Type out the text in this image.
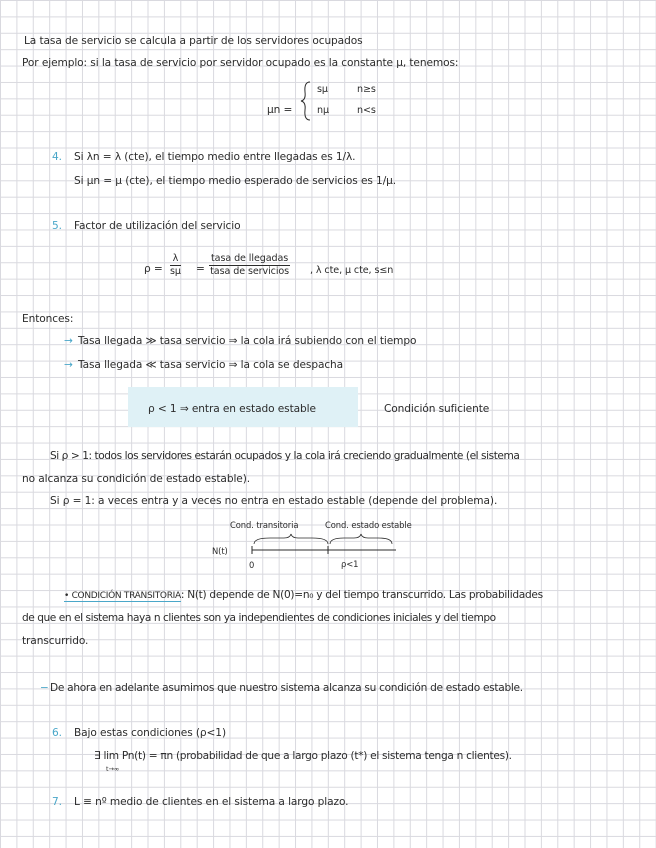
La tasa de servicio se calcula a partir de los servidores ocupados
Por ejemplo: si la tasa de servicio por servidor ocupado es la constante μ, tenemos:
μn =
sμ	n≥s
nμ	n<s
4. Si λn = λ (cte), el tiempo medio entre llegadas es 1/λ.
Si μn = μ (cte), el tiempo medio esperado de servicios es 1/μ.
5. Factor de utilización del servicio
$\rho = \frac{\lambda}{s\mu}$ =
tasa de llegadas
tasa de servicios , λ cte, μ cte, s≤n
Entonces:
→ Tasa llegada ≫ tasa servicio ⇒ la cola irá subiendo con el tiempo
→ Tasa llegada ≪ tasa servicio ⇒ la cola se despacha
ρ < 1 ⇒ entra en estado estable	Condición suficiente
Si ρ > 1: todos los servidores estarán ocupados y la cola irá creciendo gradualmente (el sistema
no alcanza su condición de estado estable).
Si ρ = 1: a veces entra y a veces no entra en estado estable (depende del problema).
Cond. transitoria	Cond. estado estable
N(t)
0	ρ<1
• CONDICIÓN TRANSITORIA: N(t) depende de N(0)=n₀ y del tiempo transcurrido. Las probabilidades
de que en el sistema haya n clientes son ya independientes de condiciones iniciales y del tiempo
transcurrido.
− De ahora en adelante asumimos que nuestro sistema alcanza su condición de estado estable.
6. Bajo estas condiciones (ρ<1)
∃ lim Pn(t) = πn (probabilidad de que a largo plazo (t*) el sistema tenga n clientes).
t→∞
7. L ≡ nº medio de clientes en el sistema a largo plazo.
